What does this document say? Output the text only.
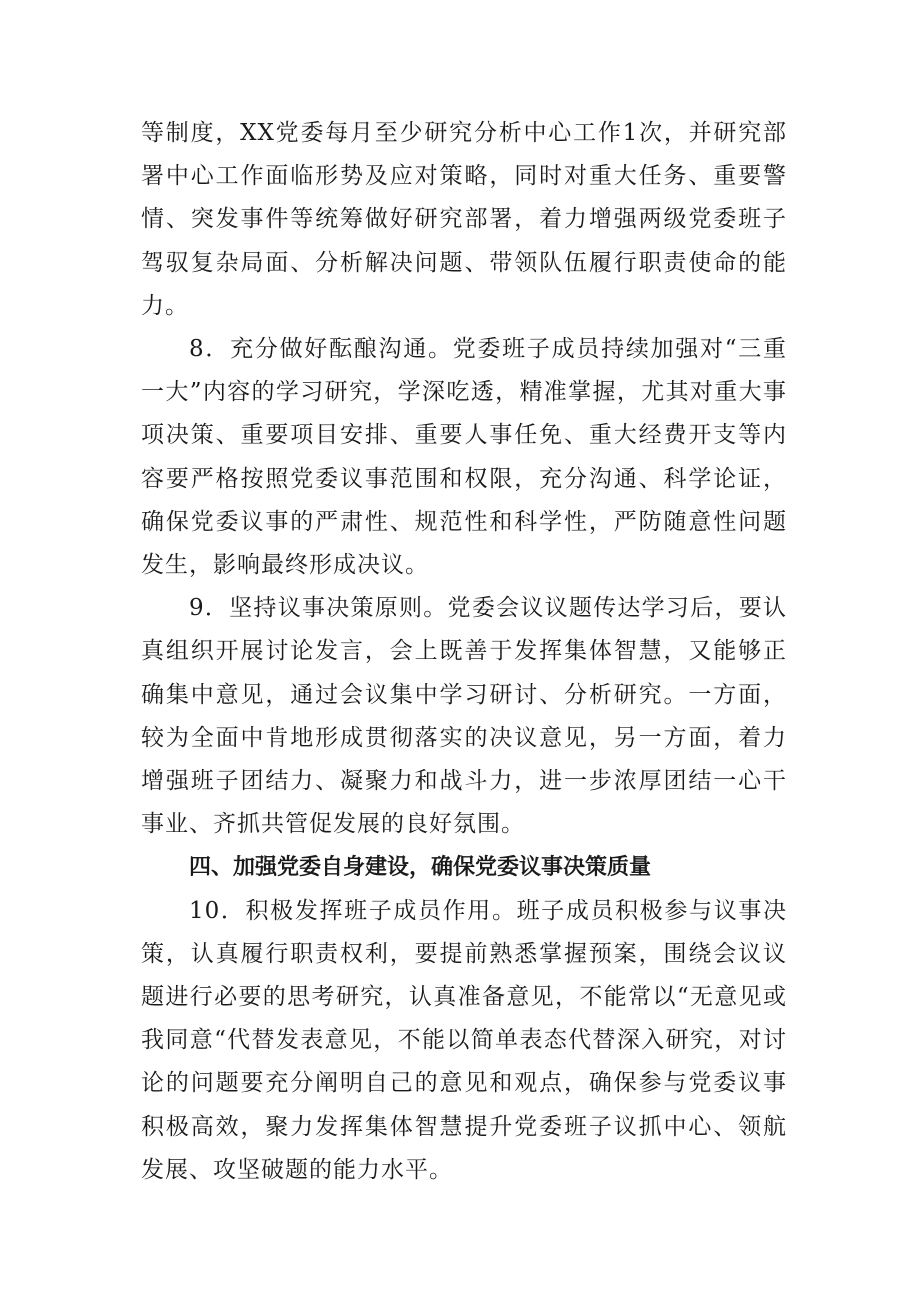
等制度，XX党委每月至少研究分析中心工作1次，并研究部署中心工作面临形势及应对策略，同时对重大任务、重要警情、突发事件等统筹做好研究部署，着力增强两级党委班子驾驭复杂局面、分析解决问题、带领队伍履行职责使命的能力。

8．充分做好酝酿沟通。党委班子成员持续加强对“三重一大”内容的学习研究，学深吃透，精准掌握，尤其对重大事项决策、重要项目安排、重要人事任免、重大经费开支等内容要严格按照党委议事范围和权限，充分沟通、科学论证，确保党委议事的严肃性、规范性和科学性，严防随意性问题发生，影响最终形成决议。

9．坚持议事决策原则。党委会议议题传达学习后，要认真组织开展讨论发言，会上既善于发挥集体智慧，又能够正确集中意见，通过会议集中学习研讨、分析研究。一方面，较为全面中肯地形成贯彻落实的决议意见，另一方面，着力增强班子团结力、凝聚力和战斗力，进一步浓厚团结一心干事业、齐抓共管促发展的良好氛围。

四、加强党委自身建设，确保党委议事决策质量

10．积极发挥班子成员作用。班子成员积极参与议事决策，认真履行职责权利，要提前熟悉掌握预案，围绕会议议题进行必要的思考研究，认真准备意见，不能常以“无意见或我同意“代替发表意见，不能以简单表态代替深入研究，对讨论的问题要充分阐明自己的意见和观点，确保参与党委议事积极高效，聚力发挥集体智慧提升党委班子议抓中心、领航发展、攻坚破题的能力水平。
